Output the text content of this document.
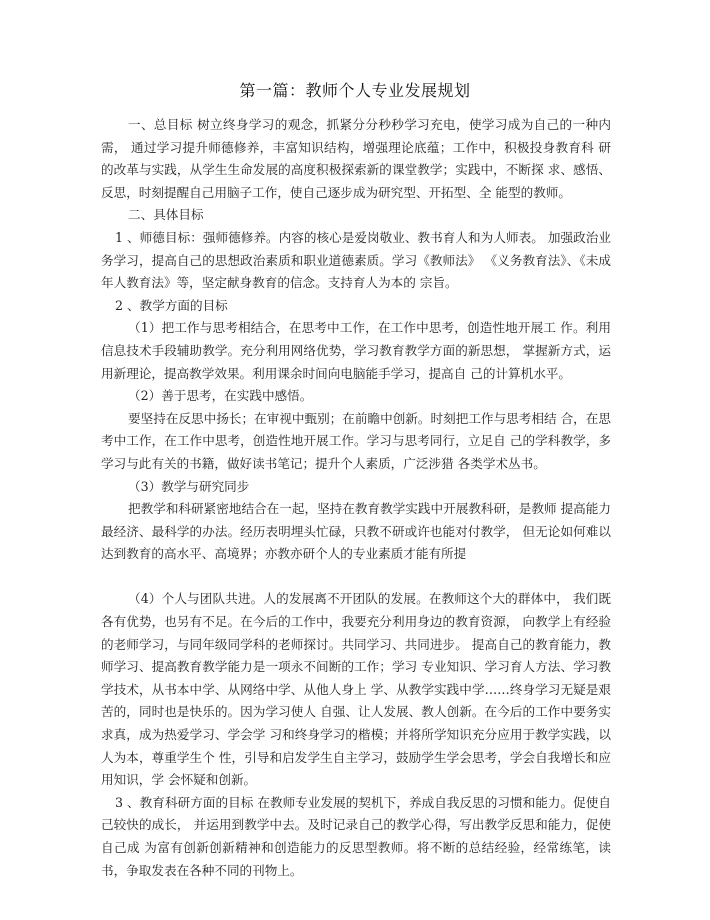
第一篇：教师个人专业发展规划

一、总目标 树立终身学习的观念，抓紧分分秒秒学习充电，使学习成为自己的一种内需， 通过学习提升师德修养，丰富知识结构，增强理论底蕴；工作中，积极投身教育科 研的改革与实践，从学生生命发展的高度积极探索新的课堂教学；实践中，不断探 求、感悟、反思，时刻提醒自己用脑子工作，使自己逐步成为研究型、开拓型、全 能型的教师。

二、具体目标

1 、师德目标：强师德修养。内容的核心是爱岗敬业、教书育人和为人师表。 加强政治业务学习，提高自己的思想政治素质和职业道德素质。学习《教师法》 《义务教育法》、《未成年人教育法》等，坚定献身教育的信念。支持育人为本的 宗旨。

2 、教学方面的目标

（1）把工作与思考相结合，在思考中工作，在工作中思考，创造性地开展工 作。利用信息技术手段辅助教学。充分利用网络优势，学习教育教学方面的新思想， 掌握新方式，运用新理论，提高教学效果。利用课余时间向电脑能手学习，提高自 己的计算机水平。

（2）善于思考，在实践中感悟。

要坚持在反思中扬长；在审视中甄别；在前瞻中创新。时刻把工作与思考相结 合，在思考中工作，在工作中思考，创造性地开展工作。学习与思考同行，立足自 己的学科教学，多学习与此有关的书籍，做好读书笔记；提升个人素质，广泛涉猎 各类学术丛书。

（3）教学与研究同步

把教学和科研紧密地结合在一起，坚持在教育教学实践中开展教科研，是教师 提高能力最经济、最科学的办法。经历表明埋头忙碌，只教不研或许也能对付教学， 但无论如何难以达到教育的高水平、高境界；亦教亦研个人的专业素质才能有所提

（4）个人与团队共进。人的发展离不开团队的发展。在教师这个大的群体中， 我们既各有优势，也另有不足。在今后的工作中，我要充分利用身边的教育资源， 向教学上有经验的老师学习，与同年级同学科的老师探讨。共同学习、共同进步。 提高自己的教育能力，教师学习、提高教育教学能力是一项永不间断的工作；学习 专业知识、学习育人方法、学习教学技术，从书本中学、从网络中学、从他人身上 学、从教学实践中学……终身学习无疑是艰苦的，同时也是快乐的。因为学习使人 自强、让人发展、教人创新。在今后的工作中要务实求真，成为热爱学习、学会学 习和终身学习的楷模；并将所学知识充分应用于教学实践，以人为本，尊重学生个 性，引导和启发学生自主学习，鼓励学生学会思考，学会自我增长和应用知识，学 会怀疑和创新。

3 、教育科研方面的目标 在教师专业发展的契机下，养成自我反思的习惯和能力。促使自己较快的成长， 并运用到教学中去。及时记录自己的教学心得，写出教学反思和能力，促使自己成 为富有创新创新精神和创造能力的反思型教师。将不断的总结经验，经常练笔，读书，争取发表在各种不同的刊物上。
